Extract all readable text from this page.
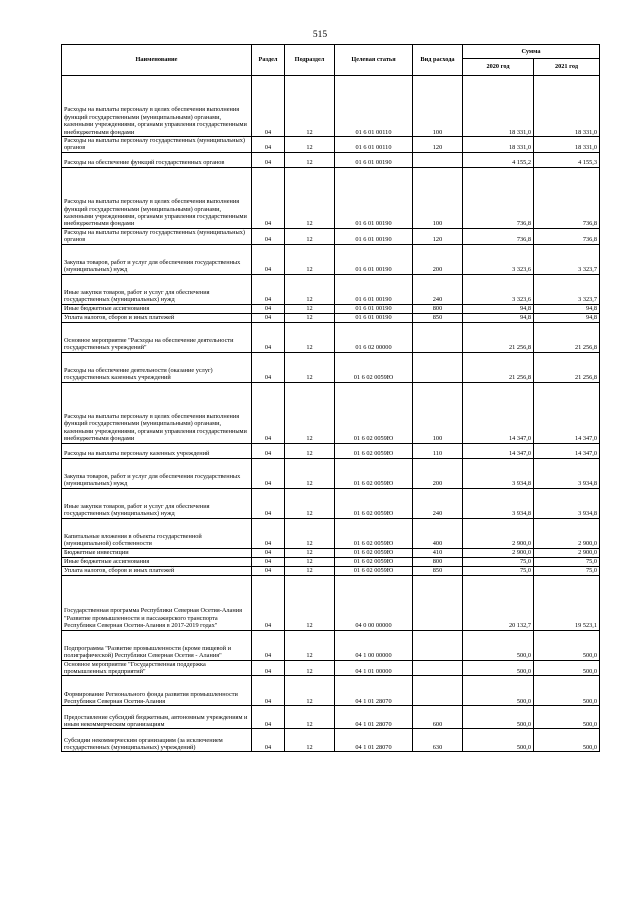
515
Наименование	Раздел	Подраздел	Целевая статья	Вид расхода	Сумма	
					2020 год	2021 год
Расходы на выплаты персоналу в целях обеспечения выполнения функций государственными (муниципальными) органами, казенными учреждениями, органами управления государственными внебюджетными фондами	04	12	01 6 01 00110	100	18 331,0	18 331,0
Расходы на выплаты персоналу государственных (муниципальных) органов	04	12	01 6 01 00110	120	18 331,0	18 331,0
Расходы на обеспечение функций государственных органов	04	12	01 6 01 00190		4 155,2	4 155,3
Расходы на выплаты персоналу в целях обеспечения выполнения функций государственными (муниципальными) органами, казенными учреждениями, органами управления государственными внебюджетными фондами	04	12	01 6 01 00190	100	736,8	736,8
Расходы на выплаты персоналу государственных (муниципальных) органов	04	12	01 6 01 00190	120	736,8	736,8
Закупка товаров, работ и услуг для обеспечения государственных (муниципальных) нужд	04	12	01 6 01 00190	200	3 323,6	3 323,7
Иные закупки товаров, работ и услуг для обеспечения государственных (муниципальных) нужд	04	12	01 6 01 00190	240	3 323,6	3 323,7
Иные бюджетные ассигнования	04	12	01 6 01 00190	800	94,8	94,8
Уплата налогов, сборов и иных платежей	04	12	01 6 01 00190	850	94,8	94,8
Основное мероприятие "Расходы на обеспечение деятельности государственных учреждений"	04	12	01 6 02 00000		21 256,8	21 256,8
Расходы на обеспечение деятельности (оказание услуг) государственных казенных учреждений	04	12	01 6 02 0059Ю		21 256,8	21 256,8
Расходы на выплаты персоналу в целях обеспечения выполнения функций государственными (муниципальными) органами, казенными учреждениями, органами управления государственными внебюджетными фондами	04	12	01 6 02 0059Ю	100	14 347,0	14 347,0
Расходы на выплаты персоналу казенных учреждений	04	12	01 6 02 0059Ю	110	14 347,0	14 347,0
Закупка товаров, работ и услуг для обеспечения государственных (муниципальных) нужд	04	12	01 6 02 0059Ю	200	3 934,8	3 934,8
Иные закупки товаров, работ и услуг для обеспечения государственных (муниципальных) нужд	04	12	01 6 02 0059Ю	240	3 934,8	3 934,8
Капитальные вложения в объекты государственной (муниципальной) собственности	04	12	01 6 02 0059Ю	400	2 900,0	2 900,0
Бюджетные инвестиции	04	12	01 6 02 0059Ю	410	2 900,0	2 900,0
Иные бюджетные ассигнования	04	12	01 6 02 0059Ю	800	75,0	75,0
Уплата налогов, сборов и иных платежей	04	12	01 6 02 0059Ю	850	75,0	75,0
Государственная программа Республики Северная Осетия-Алания "Развитие промышленности и пассажирского транспорта Республики Северная Осетия-Алания в 2017-2019 годах"	04	12	04 0 00 00000		20 132,7	19 523,1
Подпрограмма "Развитие промышленности (кроме пищевой и полиграфической) Республики Северная Осетия - Алания"	04	12	04 1 00 00000		500,0	500,0
Основное мероприятие "Государственная поддержка промышленных предприятий"	04	12	04 1 01 00000		500,0	500,0
Формирование Регионального фонда развития промышленности Республики Северная Осетия-Алания	04	12	04 1 01 28070		500,0	500,0
Предоставление субсидий бюджетным, автономным учреждениям и иным некоммерческим организациям	04	12	04 1 01 28070	600	500,0	500,0
Субсидии некоммерческим организациям (за исключением государственных (муниципальных) учреждений)	04	12	04 1 01 28070	630	500,0	500,0
